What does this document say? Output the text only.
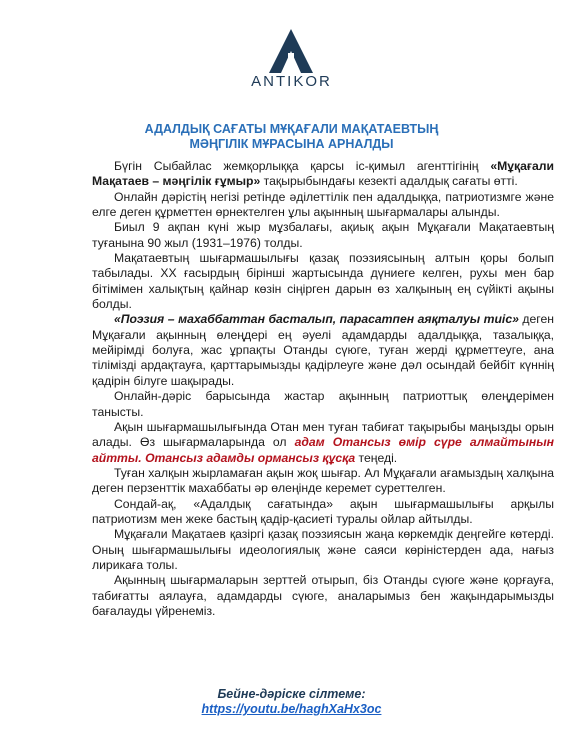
ANTIKOR
АДАЛДЫҚ САҒАТЫ МҰҚАҒАЛИ МАҚАТАЕВТЫҢ
МӘҢГІЛІК МҰРАСЫНА АРНАЛДЫ

Бүгін Сыбайлас жемқорлыққа қарсы іс-қимыл агенттігінің «Мұқағали Мақатаев – мәңгілік ғұмыр» тақырыбындағы кезекті адалдық сағаты өтті.

Онлайн дәрістің негізі ретінде әділеттілік пен адалдыққа, патриотизмге және елге деген құрметтен өрнектелген ұлы ақынның шығармалары алынды.

Биыл 9 ақпан күні жыр мұзбалағы, ақиық ақын Мұқағали Мақатаевтың туғанына 90 жыл (1931–1976) толды.

Мақатаевтың шығармашылығы қазақ поэзиясының алтын қоры болып табылады. ХХ ғасырдың бірінші жартысында дүниеге келген, рухы мен бар бітімімен халықтың қайнар көзін сіңірген дарын өз халқының ең сүйікті ақыны болды.

«Поэзия – махаббаттан басталып, парасатпен аяқталуы тиіс» деген Мұқағали ақынның өлеңдері ең әуелі адамдарды адалдыққа, тазалыққа, мейірімді болуға, жас ұрпақты Отанды сүюге, туған жерді құрметтеуге, ана тілімізді ардақтауға, қарттарымызды қадірлеуге және дәл осындай бейбіт күннің қадірін білуге шақырады.

Онлайн-дәріс барысында жастар ақынның патриоттық өлеңдерімен танысты.

Ақын шығармашылығында Отан мен туған табиғат тақырыбы маңызды орын алады. Өз шығармаларында ол адам Отансыз өмір сүре алмайтынын айтты. Отансыз адамды ормансыз құсқа теңеді.

Туған халқын жырламаған ақын жоқ шығар. Ал Мұқағали ағамыздың халқына деген перзенттік махаббаты әр өлеңінде керемет суреттелген.

Сондай-ақ, «Адалдық сағатында» ақын шығармашылығы арқылы патриотизм мен жеке бастың қадір-қасиеті туралы ойлар айтылды.

Мұқағали Мақатаев қазіргі қазақ поэзиясын жаңа көркемдік деңгейге көтерді. Оның шығармашылығы идеологиялық және саяси көріністерден ада, нағыз лирикаға толы.

Ақынның шығармаларын зерттей отырып, біз Отанды сүюге және қорғауға, табиғатты аялауға, адамдарды сүюге, аналарымыз бен жақындарымызды бағалауды үйренеміз.

Бейне-дәріске сілтеме:
https://youtu.be/haghXaHx3oc
